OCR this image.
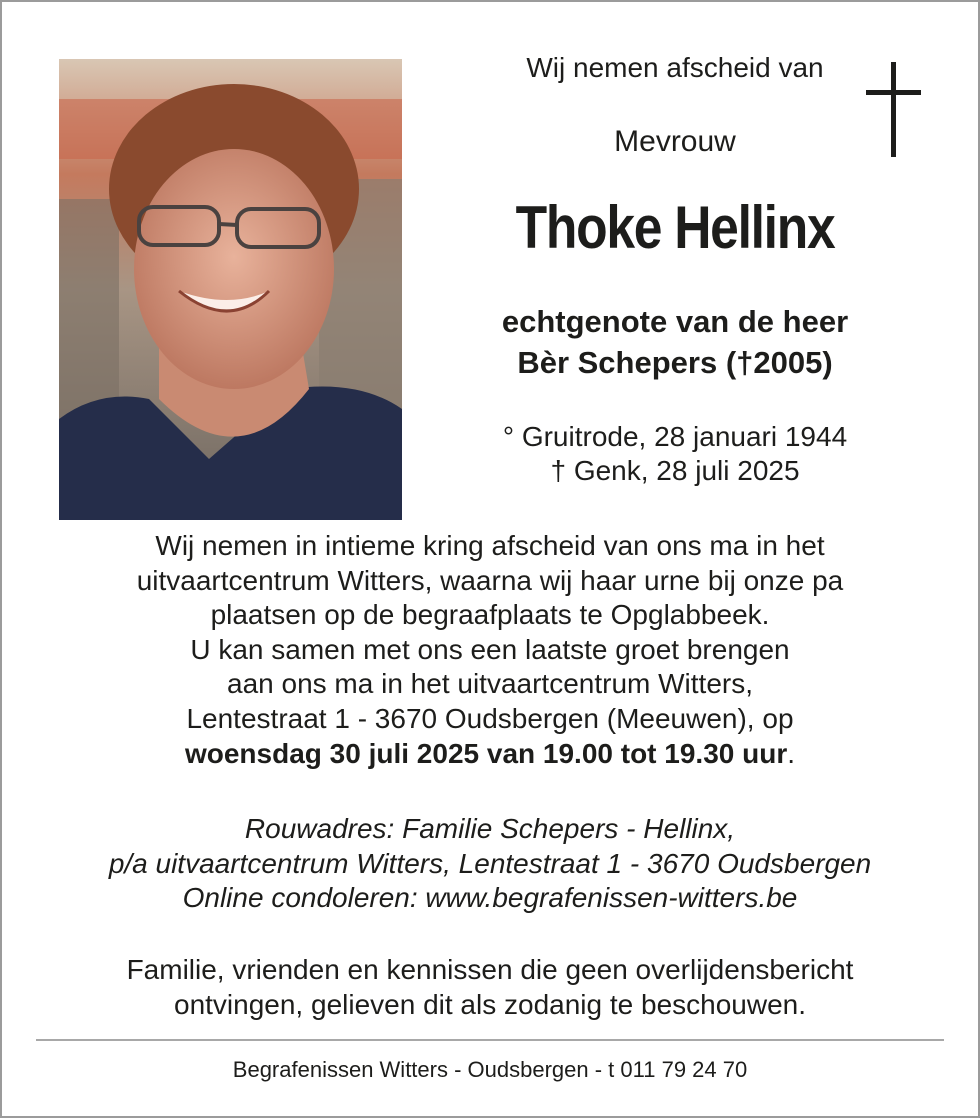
Wij nemen afscheid van
Mevrouw
Thoke Hellinx
echtgenote van de heer
Bèr Schepers (†2005)
° Gruitrode, 28 januari 1944
† Genk, 28 juli 2025
Wij nemen in intieme kring afscheid van ons ma in het
uitvaartcentrum Witters, waarna wij haar urne bij onze pa
plaatsen op de begraafplaats te Opglabbeek.
U kan samen met ons een laatste groet brengen
aan ons ma in het uitvaartcentrum Witters,
Lentestraat 1 - 3670 Oudsbergen (Meeuwen), op
woensdag 30 juli 2025 van 19.00 tot 19.30 uur.
Rouwadres: Familie Schepers - Hellinx,
p/a uitvaartcentrum Witters, Lentestraat 1 - 3670 Oudsbergen
Online condoleren: www.begrafenissen-witters.be
Familie, vrienden en kennissen die geen overlijdensbericht
ontvingen, gelieven dit als zodanig te beschouwen.
Begrafenissen Witters - Oudsbergen - t 011 79 24 70
